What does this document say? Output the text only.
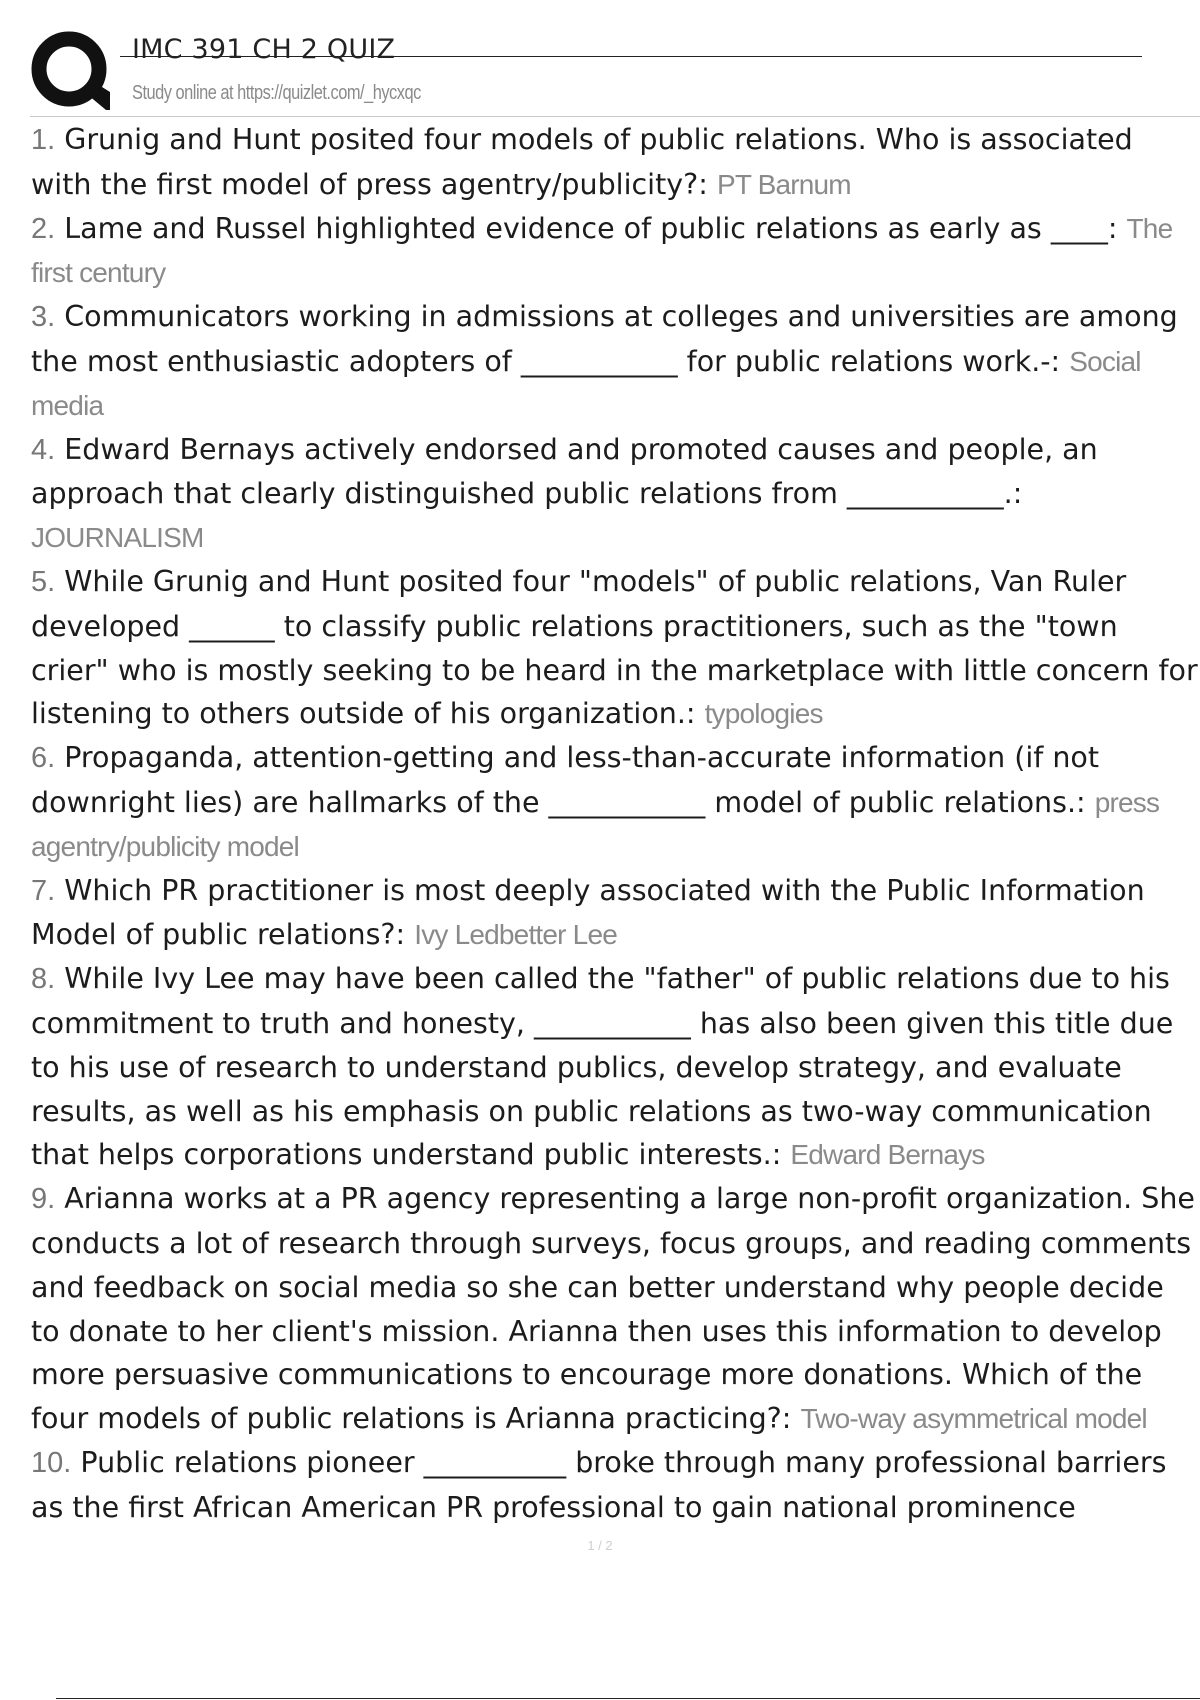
IMC 391 CH 2 QUIZ
Study online at https://quizlet.com/_hycxqc

1. Grunig and Hunt posited four models of public relations. Who is associated with the first model of press agentry/publicity?: PT Barnum

2. Lame and Russel highlighted evidence of public relations as early as ____: The first century

3. Communicators working in admissions at colleges and universities are among the most enthusiastic adopters of ___________ for public relations work.-: Social media

4. Edward Bernays actively endorsed and promoted causes and people, an approach that clearly distinguished public relations from ___________.: JOURNALISM

5. While Grunig and Hunt posited four "models" of public relations, Van Ruler developed ______ to classify public relations practitioners, such as the "town crier" who is mostly seeking to be heard in the marketplace with little concern for listening to others outside of his organization.: typologies

6. Propaganda, attention-getting and less-than-accurate information (if not downright lies) are hallmarks of the ___________ model of public relations.: press agentry/publicity model

7. Which PR practitioner is most deeply associated with the Public Information Model of public relations?: Ivy Ledbetter Lee

8. While Ivy Lee may have been called the "father" of public relations due to his commitment to truth and honesty, ___________ has also been given this title due to his use of research to understand publics, develop strategy, and evaluate results, as well as his emphasis on public relations as two-way communication that helps corporations understand public interests.: Edward Bernays

9. Arianna works at a PR agency representing a large non-profit organization. She conducts a lot of research through surveys, focus groups, and reading comments and feedback on social media so she can better understand why people decide to donate to her client's mission. Arianna then uses this information to develop more persuasive communications to encourage more donations. Which of the four models of public relations is Arianna practicing?: Two-way asymmetrical model

10. Public relations pioneer __________ broke through many professional barriers as the first African American PR professional to gain national prominence

1 / 2
